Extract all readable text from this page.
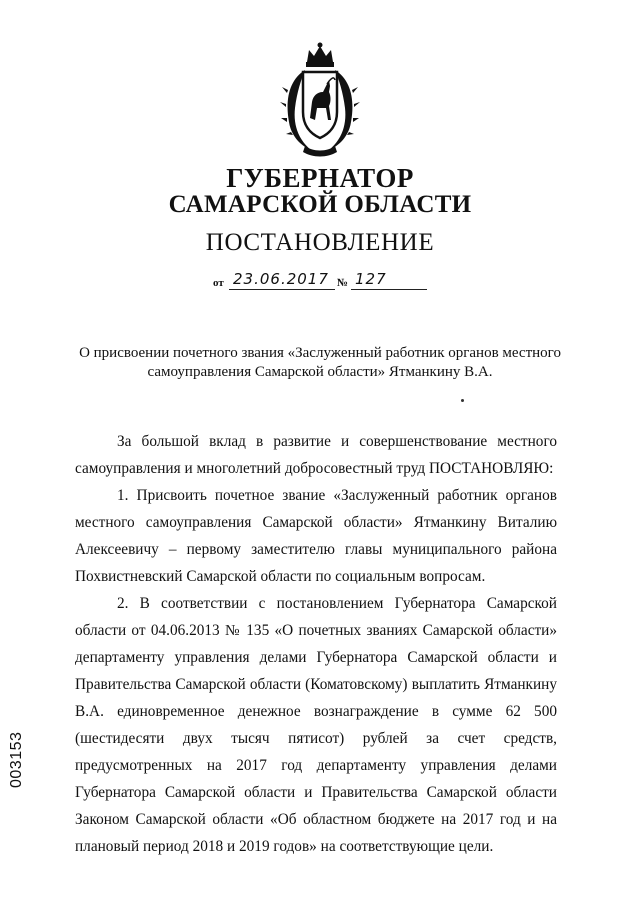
ГУБЕРНАТОР
САМАРСКОЙ ОБЛАСТИ
ПОСТАНОВЛЕНИЕ
от 23.06.2017 № 127
О присвоении почетного звания «Заслуженный работник органов местного самоуправления Самарской области» Ятманкину В.А.

За большой вклад в развитие и совершенствование местного самоуправления и многолетний добросовестный труд ПОСТАНОВЛЯЮ:

1. Присвоить почетное звание «Заслуженный работник органов местного самоуправления Самарской области» Ятманкину Виталию Алексеевичу – первому заместителю главы муниципального района Похвистневский Самарской области по социальным вопросам.

2. В соответствии с постановлением Губернатора Самарской области от 04.06.2013 № 135 «О почетных званиях Самарской области» департаменту управления делами Губернатора Самарской области и Правительства Самарской области (Коматовскому) выплатить Ятманкину В.А. единовременное денежное вознаграждение в сумме 62 500 (шестидесяти двух тысяч пятисот) рублей за счет средств, предусмотренных на 2017 год департаменту управления делами Губернатора Самарской области и Правительства Самарской области Законом Самарской области «Об областном бюджете на 2017 год и на плановый период 2018 и 2019 годов» на соответствующие цели.

003153
